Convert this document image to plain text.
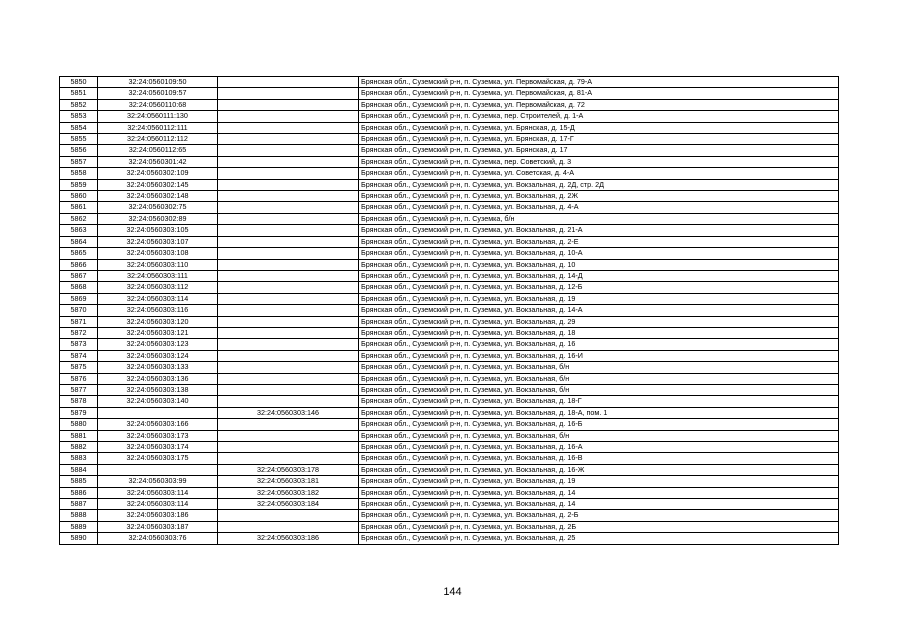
5850	32:24:0560109:50		Брянская обл., Суземский р-н, п. Суземка, ул. Первомайская, д. 79-А
5851	32:24:0560109:57		Брянская обл., Суземский р-н, п. Суземка, ул. Первомайская, д. 81-А
5852	32:24:0560110:68		Брянская обл., Суземский р-н, п. Суземка, ул. Первомайская, д. 72
5853	32:24:0560111:130		Брянская обл., Суземский р-н, п. Суземка, пер. Строителей, д. 1-А
5854	32:24:0560112:111		Брянская обл., Суземский р-н, п. Суземка, ул. Брянская, д. 15-Д
5855	32:24:0560112:112		Брянская обл., Суземский р-н, п. Суземка, ул. Брянская, д. 17-Г
5856	32:24:0560112:65		Брянская обл., Суземский р-н, п. Суземка, ул. Брянская, д. 17
5857	32:24:0560301:42		Брянская обл., Суземский р-н, п. Суземка, пер. Советский, д. 3
5858	32:24:0560302:109		Брянская обл., Суземский р-н, п. Суземка, ул. Советская, д. 4-А
5859	32:24:0560302:145		Брянская обл., Суземский р-н, п. Суземка, ул. Вокзальная, д. 2Д, стр. 2Д
5860	32:24:0560302:148		Брянская обл., Суземский р-н, п. Суземка, ул. Вокзальная, д. 2Ж
5861	32:24:0560302:75		Брянская обл., Суземский р-н, п. Суземка, ул. Вокзальная, д. 4-А
5862	32:24:0560302:89		Брянская обл., Суземский р-н, п. Суземка, б/н
5863	32:24:0560303:105		Брянская обл., Суземский р-н, п. Суземка, ул. Вокзальная, д. 21-А
5864	32:24:0560303:107		Брянская обл., Суземский р-н, п. Суземка, ул. Вокзальная, д. 2-Е
5865	32:24:0560303:108		Брянская обл., Суземский р-н, п. Суземка, ул. Вокзальная, д. 10-А
5866	32:24:0560303:110		Брянская обл., Суземский р-н, п. Суземка, ул. Вокзальная, д. 10
5867	32:24:0560303:111		Брянская обл., Суземский р-н, п. Суземка, ул. Вокзальная, д. 14-Д
5868	32:24:0560303:112		Брянская обл., Суземский р-н, п. Суземка, ул. Вокзальная, д. 12-Б
5869	32:24:0560303:114		Брянская обл., Суземский р-н, п. Суземка, ул. Вокзальная, д. 19
5870	32:24:0560303:116		Брянская обл., Суземский р-н, п. Суземка, ул. Вокзальная, д. 14-А
5871	32:24:0560303:120		Брянская обл., Суземский р-н, п. Суземка, ул. Вокзальная, д. 29
5872	32:24:0560303:121		Брянская обл., Суземский р-н, п. Суземка, ул. Вокзальная, д. 18
5873	32:24:0560303:123		Брянская обл., Суземский р-н, п. Суземка, ул. Вокзальная, д. 16
5874	32:24:0560303:124		Брянская обл., Суземский р-н, п. Суземка, ул. Вокзальная, д. 16-И
5875	32:24:0560303:133		Брянская обл., Суземский р-н, п. Суземка, ул. Вокзальная, б/н
5876	32:24:0560303:136		Брянская обл., Суземский р-н, п. Суземка, ул. Вокзальная, б/н
5877	32:24:0560303:138		Брянская обл., Суземский р-н, п. Суземка, ул. Вокзальная, б/н
5878	32:24:0560303:140		Брянская обл., Суземский р-н, п. Суземка, ул. Вокзальная, д. 18-Г
5879		32:24:0560303:146	Брянская обл., Суземский р-н, п. Суземка, ул. Вокзальная, д. 18-А, пом. 1
5880	32:24:0560303:166		Брянская обл., Суземский р-н, п. Суземка, ул. Вокзальная, д. 16-Б
5881	32:24:0560303:173		Брянская обл., Суземский р-н, п. Суземка, ул. Вокзальная, б/н
5882	32:24:0560303:174		Брянская обл., Суземский р-н, п. Суземка, ул. Вокзальная, д. 16-А
5883	32:24:0560303:175		Брянская обл., Суземский р-н, п. Суземка, ул. Вокзальная, д. 16-В
5884		32:24:0560303:178	Брянская обл., Суземский р-н, п. Суземка, ул. Вокзальная, д. 16-Ж
5885	32:24:0560303:99	32:24:0560303:181	Брянская обл., Суземский р-н, п. Суземка, ул. Вокзальная, д. 19
5886	32:24:0560303:114	32:24:0560303:182	Брянская обл., Суземский р-н, п. Суземка, ул. Вокзальная, д. 14
5887	32:24:0560303:114	32:24:0560303:184	Брянская обл., Суземский р-н, п. Суземка, ул. Вокзальная, д. 14
5888	32:24:0560303:186		Брянская обл., Суземский р-н, п. Суземка, ул. Вокзальная, д. 2-Б
5889	32:24:0560303:187		Брянская обл., Суземский р-н, п. Суземка, ул. Вокзальная, д. 2Б
5890	32:24:0560303:76	32:24:0560303:186	Брянская обл., Суземский р-н, п. Суземка, ул. Вокзальная, д. 25
144
